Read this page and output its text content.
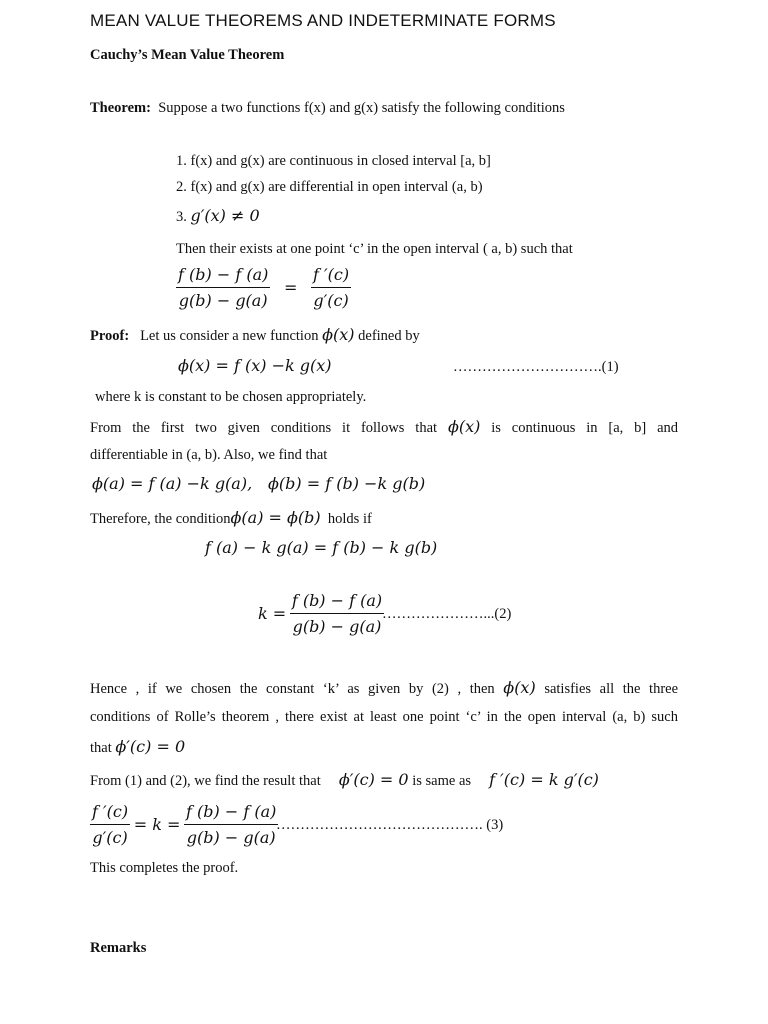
MEAN VALUE THEOREMS AND INDETERMINATE FORMS
Cauchy’s Mean Value Theorem
Theorem: Suppose a two functions f(x) and g(x) satisfy the following conditions
1. f(x) and g(x) are continuous in closed interval [a, b]
2. f(x) and g(x) are differential in open interval (a, b)
3. g′(x) ≠ 0
Then their exists at one point ‘c’ in the open interval ( a, b) such that
$\frac{f (b) - f (a)}{g(b) - g(a)} = \frac{f '(c)}{g'(c)}$
Proof: Let us consider a new function ϕ(x) defined by
ϕ(x) = f (x) −k g(x)	………………………….(1)
where k is constant to be chosen appropriately.
From the first two given conditions it follows that ϕ(x) is continuous in [a, b] and
differentiable in (a, b). Also, we find that
ϕ(a) = f (a) −k g(a), ϕ(b) = f (b) −k g(b)
Therefore, the conditionϕ(a) = ϕ(b) holds if
f (a) − k g(a) = f (b) − k g(b)
$k = \frac{f (b) - f (a)}{g(b) - g(a)}$
…………………...(2)
Hence , if we chosen the constant ‘k’ as given by (2) , then ϕ(x) satisfies all the three
conditions of Rolle’s theorem , there exist at least one point ‘c’ in the open interval (a, b) such
that ϕ′(c) = 0
From (1) and (2), we find the result that ϕ′(c) = 0 is same as f ′(c) = k g′(c)
$\frac{f '(c)}{g'(c)} = k = \frac{f (b) - f (a)}{g(b) - g(a)}$
……………………………………. (3)
This completes the proof.
Remarks
